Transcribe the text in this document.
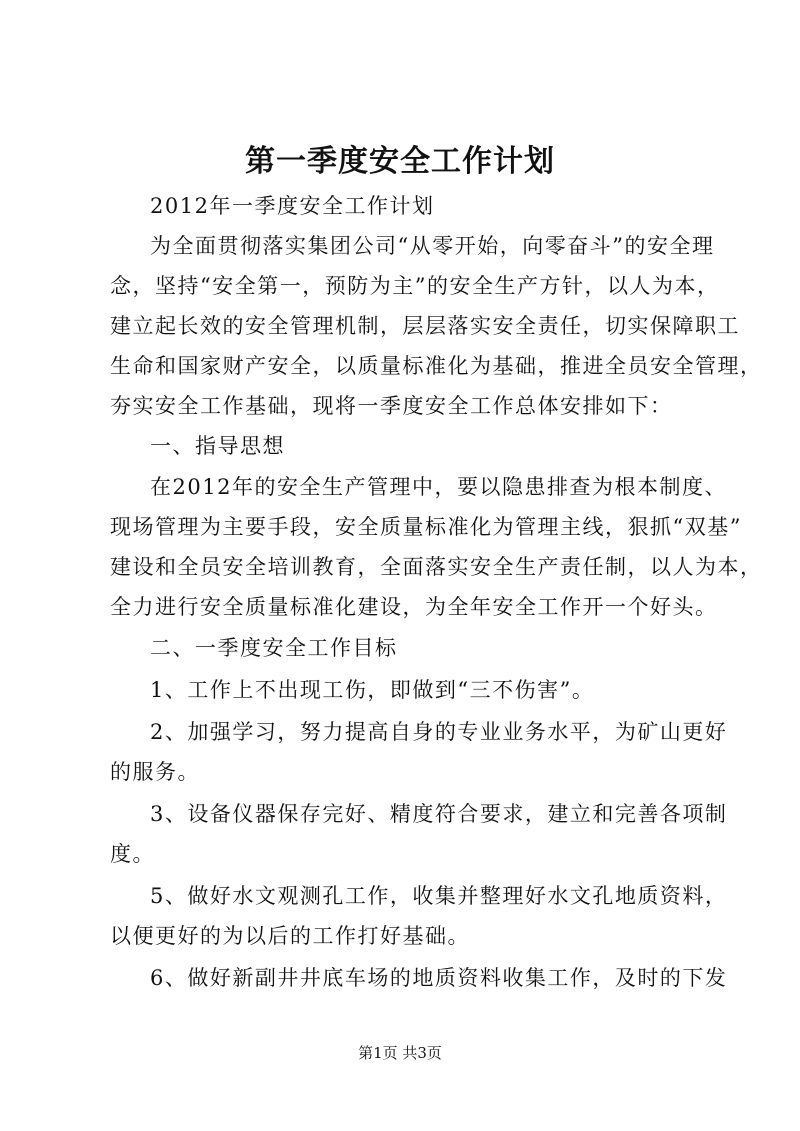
第一季度安全工作计划
2012年一季度安全工作计划
为全面贯彻落实集团公司“从零开始，向零奋斗”的安全理
念，坚持“安全第一，预防为主”的安全生产方针，以人为本，
建立起长效的安全管理机制，层层落实安全责任，切实保障职工
生命和国家财产安全，以质量标准化为基础，推进全员安全管理，
夯实安全工作基础，现将一季度安全工作总体安排如下：
一、指导思想
在2012年的安全生产管理中，要以隐患排查为根本制度、
现场管理为主要手段，安全质量标准化为管理主线，狠抓“双基”
建设和全员安全培训教育，全面落实安全生产责任制，以人为本，
全力进行安全质量标准化建设，为全年安全工作开一个好头。
二、一季度安全工作目标
1、工作上不出现工伤，即做到“三不伤害”。
2、加强学习，努力提高自身的专业业务水平，为矿山更好
的服务。
3、设备仪器保存完好、精度符合要求，建立和完善各项制
度。
5、做好水文观测孔工作，收集并整理好水文孔地质资料，
以便更好的为以后的工作打好基础。
6、做好新副井井底车场的地质资料收集工作，及时的下发
第1页 共3页
